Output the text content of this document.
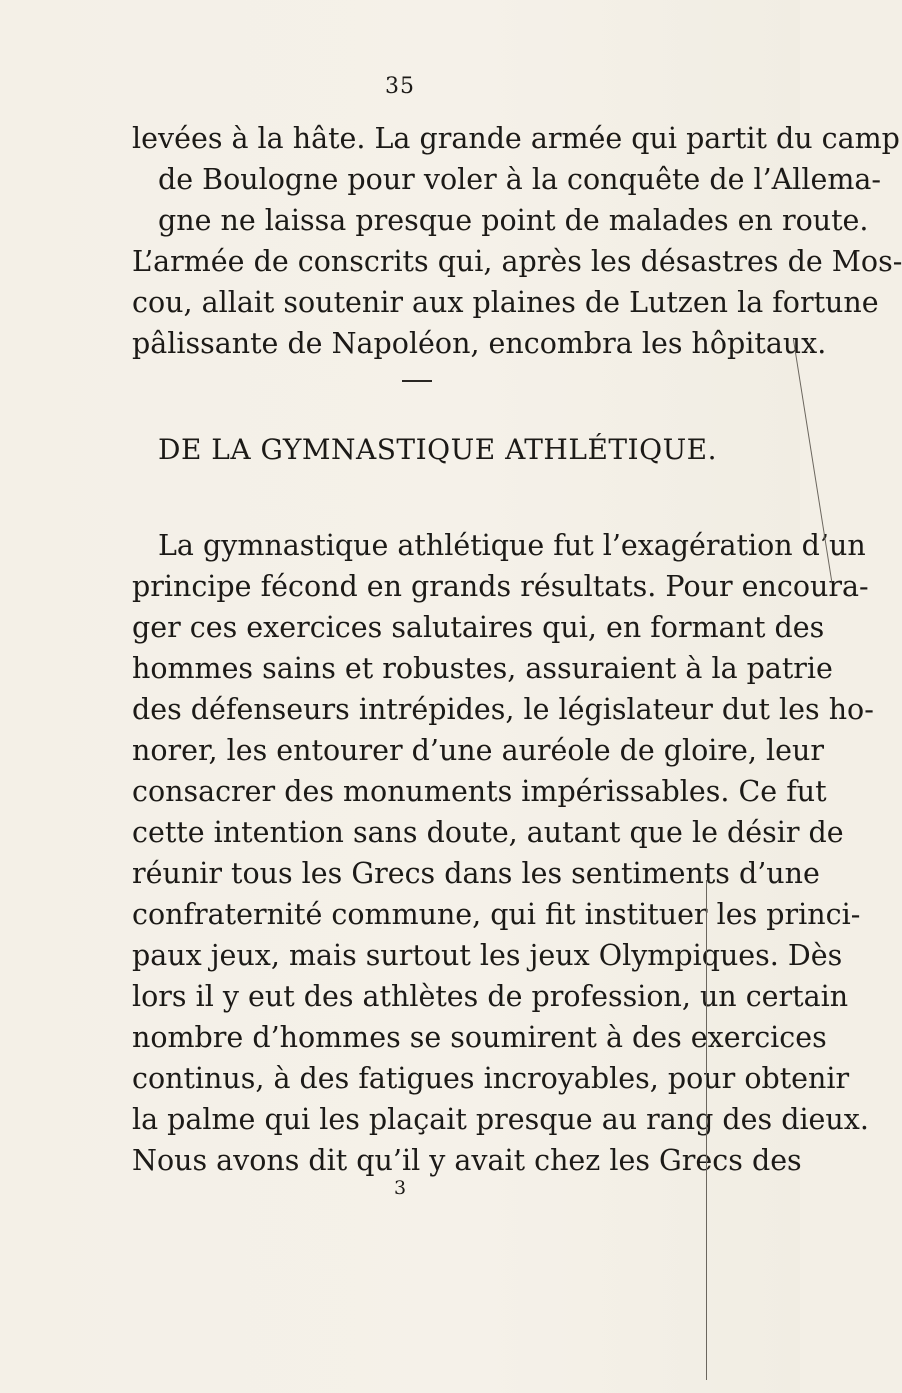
35
levées à la hâte. La grande armée qui partit du camp
de Boulogne pour voler à la conquête de l’Allema-
gne ne laissa presque point de malades en route.
L’armée de conscrits qui, après les désastres de Mos-
cou, allait soutenir aux plaines de Lutzen la fortune
pâlissante de Napoléon, encombra les hôpitaux.
DE LA GYMNASTIQUE ATHLÉTIQUE.
La gymnastique athlétique fut l’exagération d’un
principe fécond en grands résultats. Pour encoura-
ger ces exercices salutaires qui, en formant des
hommes sains et robustes, assuraient à la patrie
des défenseurs intrépides, le législateur dut les ho-
norer, les entourer d’une auréole de gloire, leur
consacrer des monuments impérissables. Ce fut
cette intention sans doute, autant que le désir de
réunir tous les Grecs dans les sentiments d’une
confraternité commune, qui fit instituer les princi-
paux jeux, mais surtout les jeux Olympiques. Dès
lors il y eut des athlètes de profession, un certain
nombre d’hommes se soumirent à des exercices
continus, à des fatigues incroyables, pour obtenir
la palme qui les plaçait presque au rang des dieux.
Nous avons dit qu’il y avait chez les Grecs des
3
